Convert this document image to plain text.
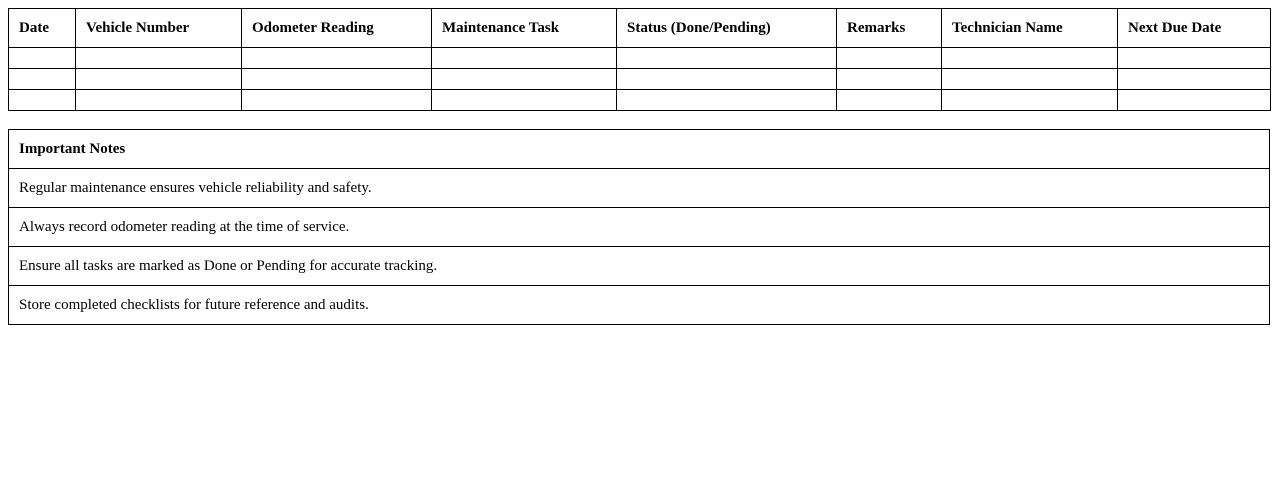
Date	Vehicle Number	Odometer Reading	Maintenance Task	Status (Done/Pending)	Remarks	Technician Name	Next Due Date

Important Notes
Regular maintenance ensures vehicle reliability and safety.
Always record odometer reading at the time of service.
Ensure all tasks are marked as Done or Pending for accurate tracking.
Store completed checklists for future reference and audits.
